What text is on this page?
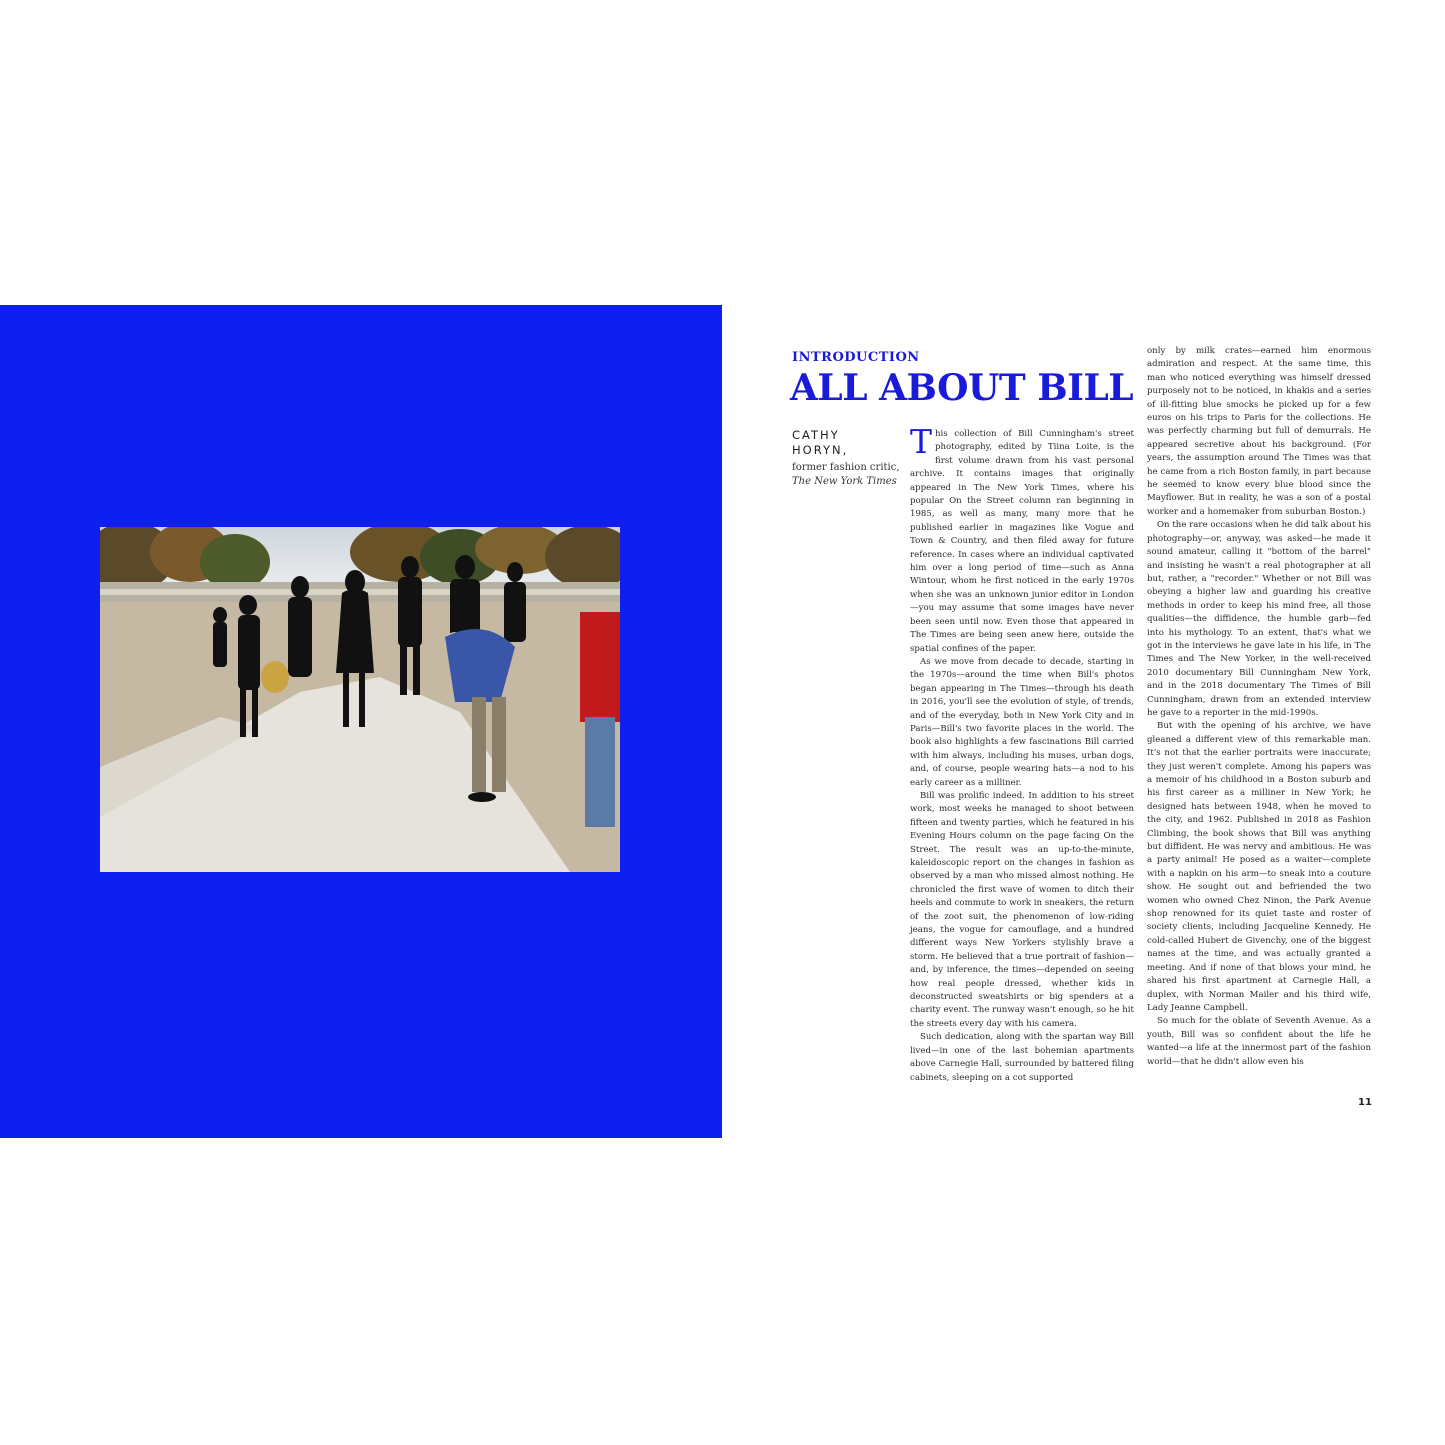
INTRODUCTION
ALL ABOUT BILL
CATHY
HORYN,
former fashion critic,
The New York Times

This collection of Bill Cunningham's street photography, edited by Tiina Loite, is the first volume drawn from his vast personal archive. It contains images that originally appeared in The New York Times, where his popular On the Street column ran beginning in 1985, as well as many, many more that he published earlier in magazines like Vogue and Town & Country, and then filed away for future reference. In cases where an individual captivated him over a long period of time—such as Anna Wintour, whom he first noticed in the early 1970s when she was an unknown junior editor in London—you may assume that some images have never been seen until now. Even those that appeared in The Times are being seen anew here, outside the spatial confines of the paper.

As we move from decade to decade, starting in the 1970s—around the time when Bill's photos began appearing in The Times—through his death in 2016, you'll see the evolution of style, of trends, and of the everyday, both in New York City and in Paris—Bill's two favorite places in the world. The book also highlights a few fascinations Bill carried with him always, including his muses, urban dogs, and, of course, people wearing hats—a nod to his early career as a milliner.

Bill was prolific indeed. In addition to his street work, most weeks he managed to shoot between fifteen and twenty parties, which he featured in his Evening Hours column on the page facing On the Street. The result was an up-to-the-minute, kaleidoscopic report on the changes in fashion as observed by a man who missed almost nothing. He chronicled the first wave of women to ditch their heels and commute to work in sneakers, the return of the zoot suit, the phenomenon of low-riding jeans, the vogue for camouflage, and a hundred different ways New Yorkers stylishly brave a storm. He believed that a true portrait of fashion—and, by inference, the times—depended on seeing how real people dressed, whether kids in deconstructed sweatshirts or big spenders at a charity event. The runway wasn't enough, so he hit the streets every day with his camera.

Such dedication, along with the spartan way Bill lived—in one of the last bohemian apartments above Carnegie Hall, surrounded by battered filing cabinets, sleeping on a cot supported

only by milk crates—earned him enormous admiration and respect. At the same time, this man who noticed everything was himself dressed purposely not to be noticed, in khakis and a series of ill-fitting blue smocks he picked up for a few euros on his trips to Paris for the collections. He was perfectly charming but full of demurrals. He appeared secretive about his background. (For years, the assumption around The Times was that he came from a rich Boston family, in part because he seemed to know every blue blood since the Mayflower. But in reality, he was a son of a postal worker and a homemaker from suburban Boston.)

On the rare occasions when he did talk about his photography—or, anyway, was asked—he made it sound amateur, calling it "bottom of the barrel" and insisting he wasn't a real photographer at all but, rather, a "recorder." Whether or not Bill was obeying a higher law and guarding his creative methods in order to keep his mind free, all those qualities—the diffidence, the humble garb—fed into his mythology. To an extent, that's what we got in the interviews he gave late in his life, in The Times and The New Yorker, in the well-received 2010 documentary Bill Cunningham New York, and in the 2018 documentary The Times of Bill Cunningham, drawn from an extended interview he gave to a reporter in the mid-1990s.

But with the opening of his archive, we have gleaned a different view of this remarkable man. It's not that the earlier portraits were inaccurate; they just weren't complete. Among his papers was a memoir of his childhood in a Boston suburb and his first career as a milliner in New York; he designed hats between 1948, when he moved to the city, and 1962. Published in 2018 as Fashion Climbing, the book shows that Bill was anything but diffident. He was nervy and ambitious. He was a party animal! He posed as a waiter—complete with a napkin on his arm—to sneak into a couture show. He sought out and befriended the two women who owned Chez Ninon, the Park Avenue shop renowned for its quiet taste and roster of society clients, including Jacqueline Kennedy. He cold-called Hubert de Givenchy, one of the biggest names at the time, and was actually granted a meeting. And if none of that blows your mind, he shared his first apartment at Carnegie Hall, a duplex, with Norman Mailer and his third wife, Lady Jeanne Campbell.

So much for the oblate of Seventh Avenue. As a youth, Bill was so confident about the life he wanted—a life at the innermost part of the fashion world—that he didn't allow even his

11
